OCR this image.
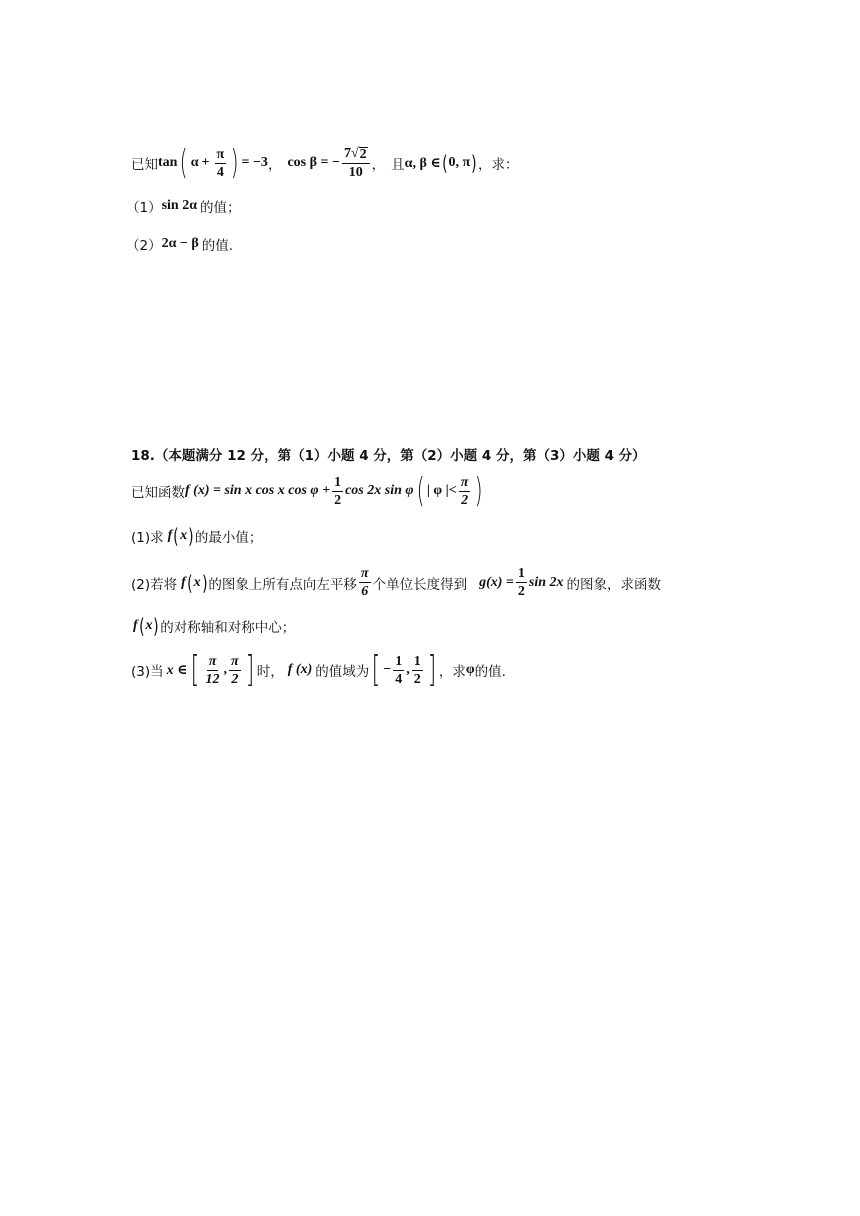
已知 tan ( $\alpha + \frac{\pi}{4}$ ) = −3 ， cos β = − $\frac{7√ 2}{10}$ ， 且 α, β ∈ ( 0, π ) ，求：
（1） sin 2α 的值；
（2） 2α − β 的值.
18.（本题满分 12 分，第（1）小题 4 分，第（2）小题 4 分，第（3）小题 4 分）
已知函数 f (x) = sin x cos x $\cos \varphi + \frac{1}{2}$ cos 2x sin φ ( | φ |< $\frac{\pi}{2}$ )
(1)求 f ( x ) 的最小值；
(2)若将 f ( x ) 的图象上所有点向左平移 $\frac{\pi}{6}$ 个单位长度得到 $g(x) = \frac{1}{2}$ sin 2x 的图象，求函数
f ( x ) 的对称轴和对称中心；
(3)当 x ∈ [ $\frac{\pi}{12}$ , $\frac{\pi}{2}$ ] 时， f (x) 的值域为 [ − $\frac{1}{4}$ , $\frac{1}{2}$ ] ，求 φ 的值.
